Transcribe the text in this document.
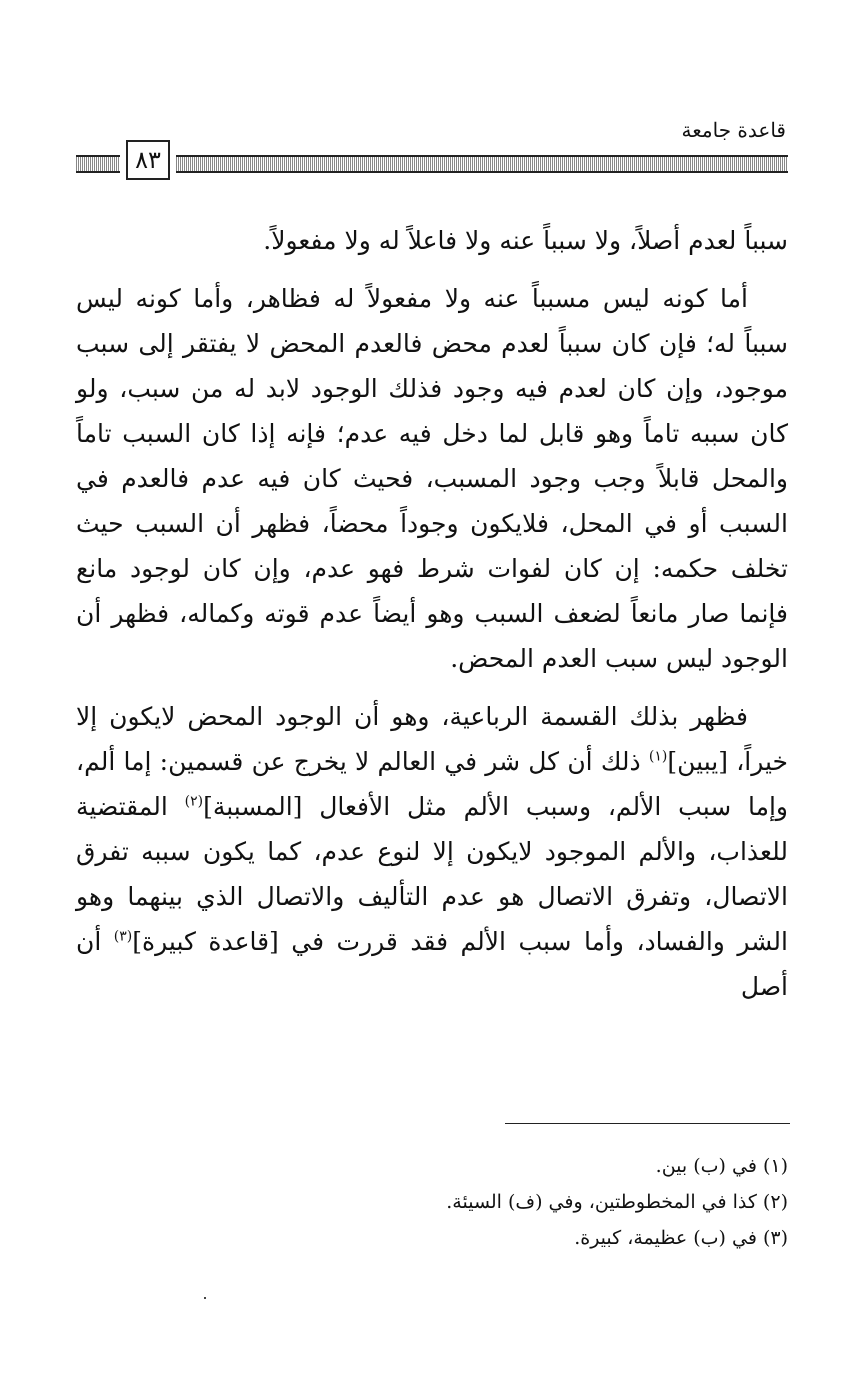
قاعدة جامعة
٨٣

سبباً لعدم أصلاً، ولا سبباً عنه ولا فاعلاً له ولا مفعولاً.

أما كونه ليس مسبباً عنه ولا مفعولاً له فظاهر، وأما كونه ليس سبباً له؛ فإن كان سبباً لعدم محض فالعدم المحض لا يفتقر إلى سبب موجود، وإن كان لعدم فيه وجود فذلك الوجود لابد له من سبب، ولو كان سببه تاماً وهو قابل لما دخل فيه عدم؛ فإنه إذا كان السبب تاماً والمحل قابلاً وجب وجود المسبب، فحيث كان فيه عدم فالعدم في السبب أو في المحل، فلايكون وجوداً محضاً، فظهر أن السبب حيث تخلف حكمه: إن كان لفوات شرط فهو عدم، وإن كان لوجود مانع فإنما صار مانعاً لضعف السبب وهو أيضاً عدم قوته وكماله، فظهر أن الوجود ليس سبب العدم المحض.

فظهر بذلك القسمة الرباعية، وهو أن الوجود المحض لايكون إلا خيراً، [يبين]$^{(١)}$ ذلك أن كل شر في العالم لا يخرج عن قسمين: إما ألم، وإما سبب الألم، وسبب الألم مثل الأفعال [المسببة]$^{(٢)}$ المقتضية للعذاب، والألم الموجود لايكون إلا لنوع عدم، كما يكون سببه تفرق الاتصال، وتفرق الاتصال هو عدم التأليف والاتصال الذي بينهما وهو الشر والفساد، وأما سبب الألم فقد قررت في [قاعدة كبيرة]$^{(٣)}$ أن أصل

(١) في (ب) بين.
(٢) كذا في المخطوطتين، وفي (ف) السيئة.
(٣) في (ب) عظيمة، كبيرة.
